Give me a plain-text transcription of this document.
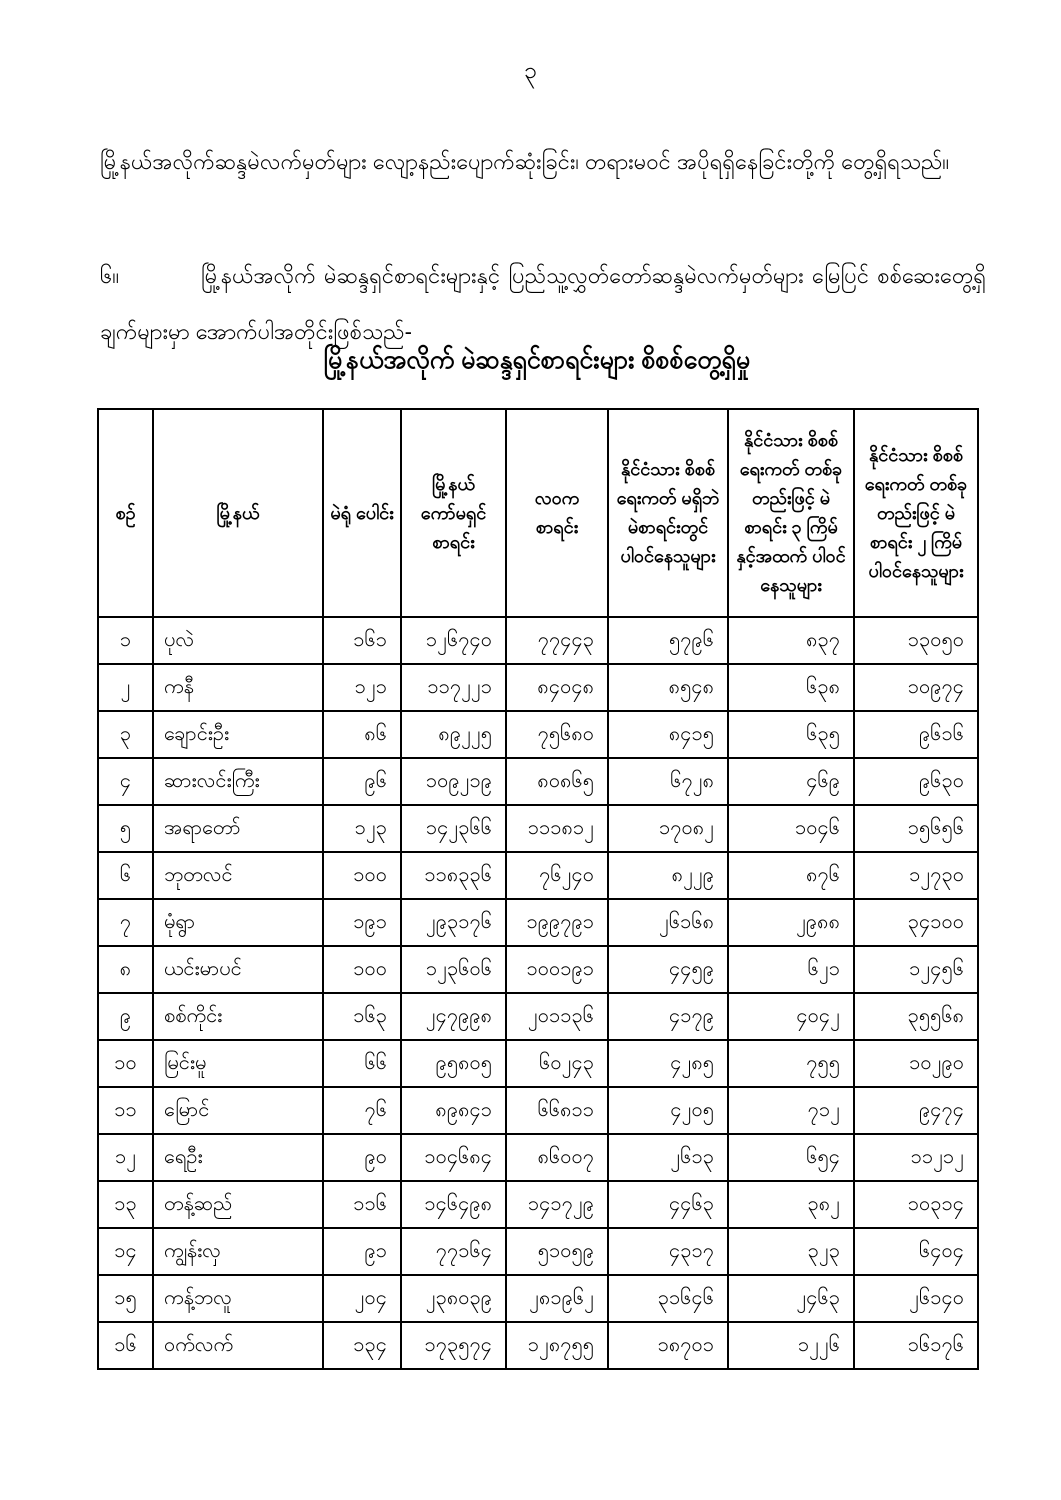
၃

မြို့နယ်အလိုက်ဆန္ဒမဲလက်မှတ်များ လျော့နည်းပျောက်ဆုံးခြင်း၊ တရားမဝင် အပိုရရှိနေခြင်းတို့ကို တွေ့ရှိရသည်။

၆။	မြို့နယ်အလိုက် မဲဆန္ဒရှင်စာရင်းများနှင့် ပြည်သူ့လွှတ်တော်ဆန္ဒမဲလက်မှတ်များ မြေပြင် စစ်ဆေးတွေ့ရှိချက်များမှာ အောက်ပါအတိုင်းဖြစ်သည်-

မြို့နယ်အလိုက် မဲဆန္ဒရှင်စာရင်းများ စိစစ်တွေ့ရှိမှု
စဉ်	မြို့နယ်	မဲရုံ ပေါင်း	မြို့နယ် ကော်မရှင် စာရင်း	လဝက စာရင်း	နိုင်ငံသား စိစစ်ရေးကတ် မရှိဘဲ မဲစာရင်းတွင် ပါဝင်နေသူများ	နိုင်ငံသား စိစစ်ရေးကတ် တစ်ခုတည်းဖြင့် မဲစာရင်း ၃ ကြိမ် နှင့်အထက် ပါဝင်နေသူများ	နိုင်ငံသား စိစစ်ရေးကတ် တစ်ခုတည်းဖြင့် မဲစာရင်း ၂ ကြိမ် ပါဝင်နေသူများ
၁	ပုလဲ	၁၆၁	၁၂၆၇၄၀	၇၇၄၄၃	၅၇၉၆	၈၃၇	၁၃၀၅၀
၂	ကနီ	၁၂၁	၁၁၇၂၂၁	၈၄၀၄၈	၈၅၄၈	၆၃၈	၁၀၉၇၄
၃	ချောင်းဦး	၈၆	၈၉၂၂၅	၇၅၆၈၀	၈၄၁၅	၆၃၅	၉၆၁၆
၄	ဆားလင်းကြီး	၉၆	၁၀၉၂၁၉	၈၀၈၆၅	၆၇၂၈	၄၆၉	၉၆၃၀
၅	အရာတော်	၁၂၃	၁၄၂၃၆၆	၁၁၁၈၁၂	၁၇၀၈၂	၁၀၄၆	၁၅၆၅၆
၆	ဘုတလင်	၁၀၀	၁၁၈၃၃၆	၇၆၂၄၀	၈၂၂၉	၈၇၆	၁၂၇၃၀
၇	မုံရွာ	၁၉၁	၂၉၃၁၇၆	၁၉၉၇၉၁	၂၆၁၆၈	၂၉၈၈	၃၄၁၀၀
၈	ယင်းမာပင်	၁၀၀	၁၂၃၆၀၆	၁၀၀၁၉၁	၄၄၅၉	၆၂၁	၁၂၄၅၆
၉	စစ်ကိုင်း	၁၆၃	၂၄၇၉၉၈	၂၀၁၁၃၆	၄၁၇၉	၄၀၄၂	၃၅၅၆၈
၁၀	မြင်းမူ	၆၆	၉၅၈၀၅	၆၀၂၄၃	၄၂၈၅	၇၅၅	၁၀၂၉၀
၁၁	မြောင်	၇၆	၈၉၈၄၁	၆၆၈၁၁	၄၂၀၅	၇၁၂	၉၄၇၄
၁၂	ရေဦး	၉၀	၁၀၄၆၈၄	၈၆၀၀၇	၂၆၁၃	၆၅၄	၁၁၂၁၂
၁၃	တန့်ဆည်	၁၁၆	၁၄၆၄၉၈	၁၄၁၇၂၉	၄၄၆၃	၃၈၂	၁၀၃၁၄
၁၄	ကျွန်းလှ	၉၁	၇၇၁၆၄	၅၁၀၅၉	၄၃၁၇	၃၂၃	၆၄၀၄
၁၅	ကန့်ဘလူ	၂၀၄	၂၃၈၀၃၉	၂၈၁၉၆၂	၃၁၆၄၆	၂၄၆၃	၂၆၁၄၀
၁၆	ဝက်လက်	၁၃၄	၁၇၃၅၇၄	၁၂၈၇၅၅	၁၈၇၀၁	၁၂၂၆	၁၆၁၇၆
